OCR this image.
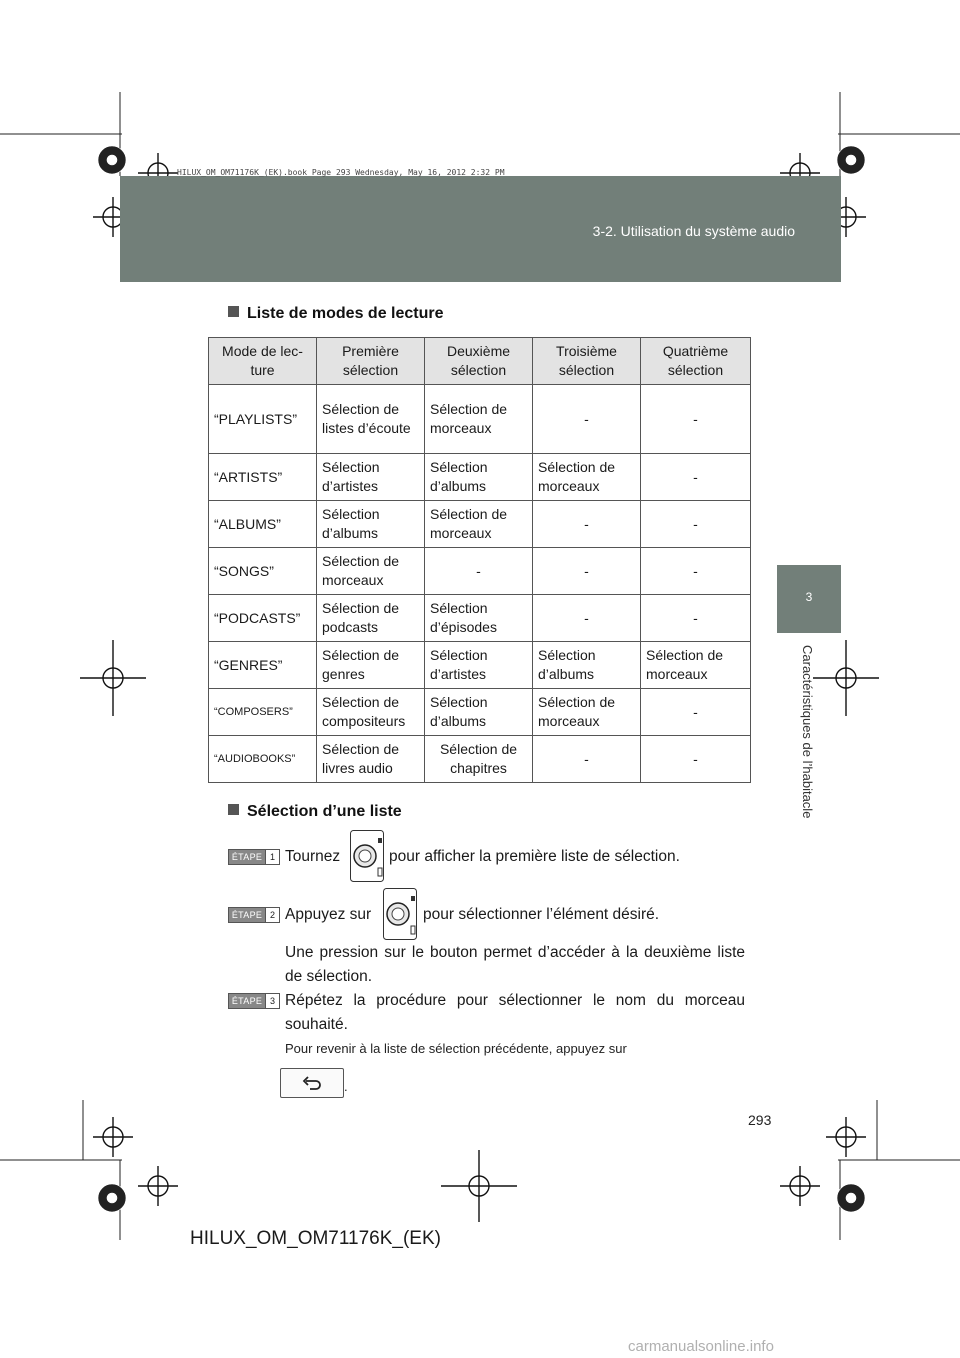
HILUX_OM_OM71176K_(EK).book Page 293 Wednesday, May 16, 2012 2:32 PM
3-2. Utilisation du système audio
3
Caractéristiques de l’habitacle
Liste de modes de lecture
Mode de lec-ture	Première sélection	Deuxième sélection	Troisième sélection	Quatrième sélection
“PLAYLISTS”	Sélection de listes d’écoute	Sélection de morceaux	-	-
“ARTISTS”	Sélection d’artistes	Sélection d’albums	Sélection de morceaux	-
“ALBUMS”	Sélection d’albums	Sélection de morceaux	-	-
“SONGS”	Sélection de morceaux	-	-	-
“PODCASTS”	Sélection de podcasts	Sélection d’épisodes	-	-
“GENRES”	Sélection de genres	Sélection d’artistes	Sélection d’albums	Sélection de morceaux
“COMPOSERS”	Sélection de compositeurs	Sélection d’albums	Sélection de morceaux	-
“AUDIOBOOKS”	Sélection de livres audio	Sélection de chapitres	-	-
Sélection d’une liste
ÉTAPE 1 Tournez	pour afficher la première liste de sélection.
ÉTAPE 2 Appuyez sur	pour sélectionner l’élément désiré.
Une pression sur le bouton permet d’accéder à la deuxième liste de sélection.
ÉTAPE 3 Répétez la procédure pour sélectionner le nom du morceau souhaité.
Pour revenir à la liste de sélection précédente, appuyez sur
.
293
HILUX_OM_OM71176K_(EK)
carmanualsonline.info
